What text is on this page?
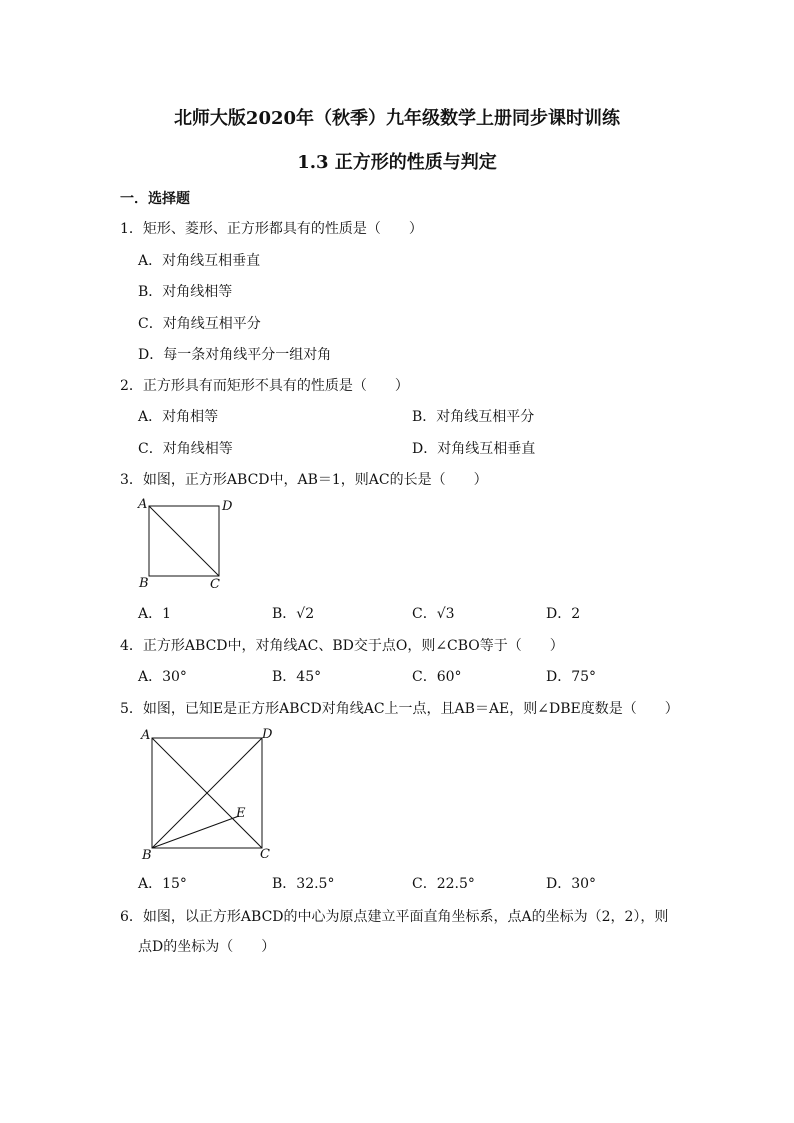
北师大版2020年（秋季）九年级数学上册同步课时训练
1.3 正方形的性质与判定
一．选择题
1．矩形、菱形、正方形都具有的性质是（　　）
A．对角线互相垂直
B．对角线相等
C．对角线互相平分
D．每一条对角线平分一组对角
2．正方形具有而矩形不具有的性质是（　　）
A．对角相等	B．对角线互相平分
C．对角线相等	D．对角线互相垂直
3．如图，正方形ABCD中，AB＝1，则AC的长是（　　）
A	D
B	C
A．1	B．√2	C．√3	D．2
4．正方形ABCD中，对角线AC、BD交于点O，则∠CBO等于（　　）
A．30°	B．45°	C．60°	D．75°
5．如图，已知E是正方形ABCD对角线AC上一点，且AB＝AE，则∠DBE度数是（　　）
A	D
E
B	C
A．15°	B．32.5°	C．22.5°	D．30°
6．如图，以正方形ABCD的中心为原点建立平面直角坐标系，点A的坐标为（2，2），则
点D的坐标为（　　）
